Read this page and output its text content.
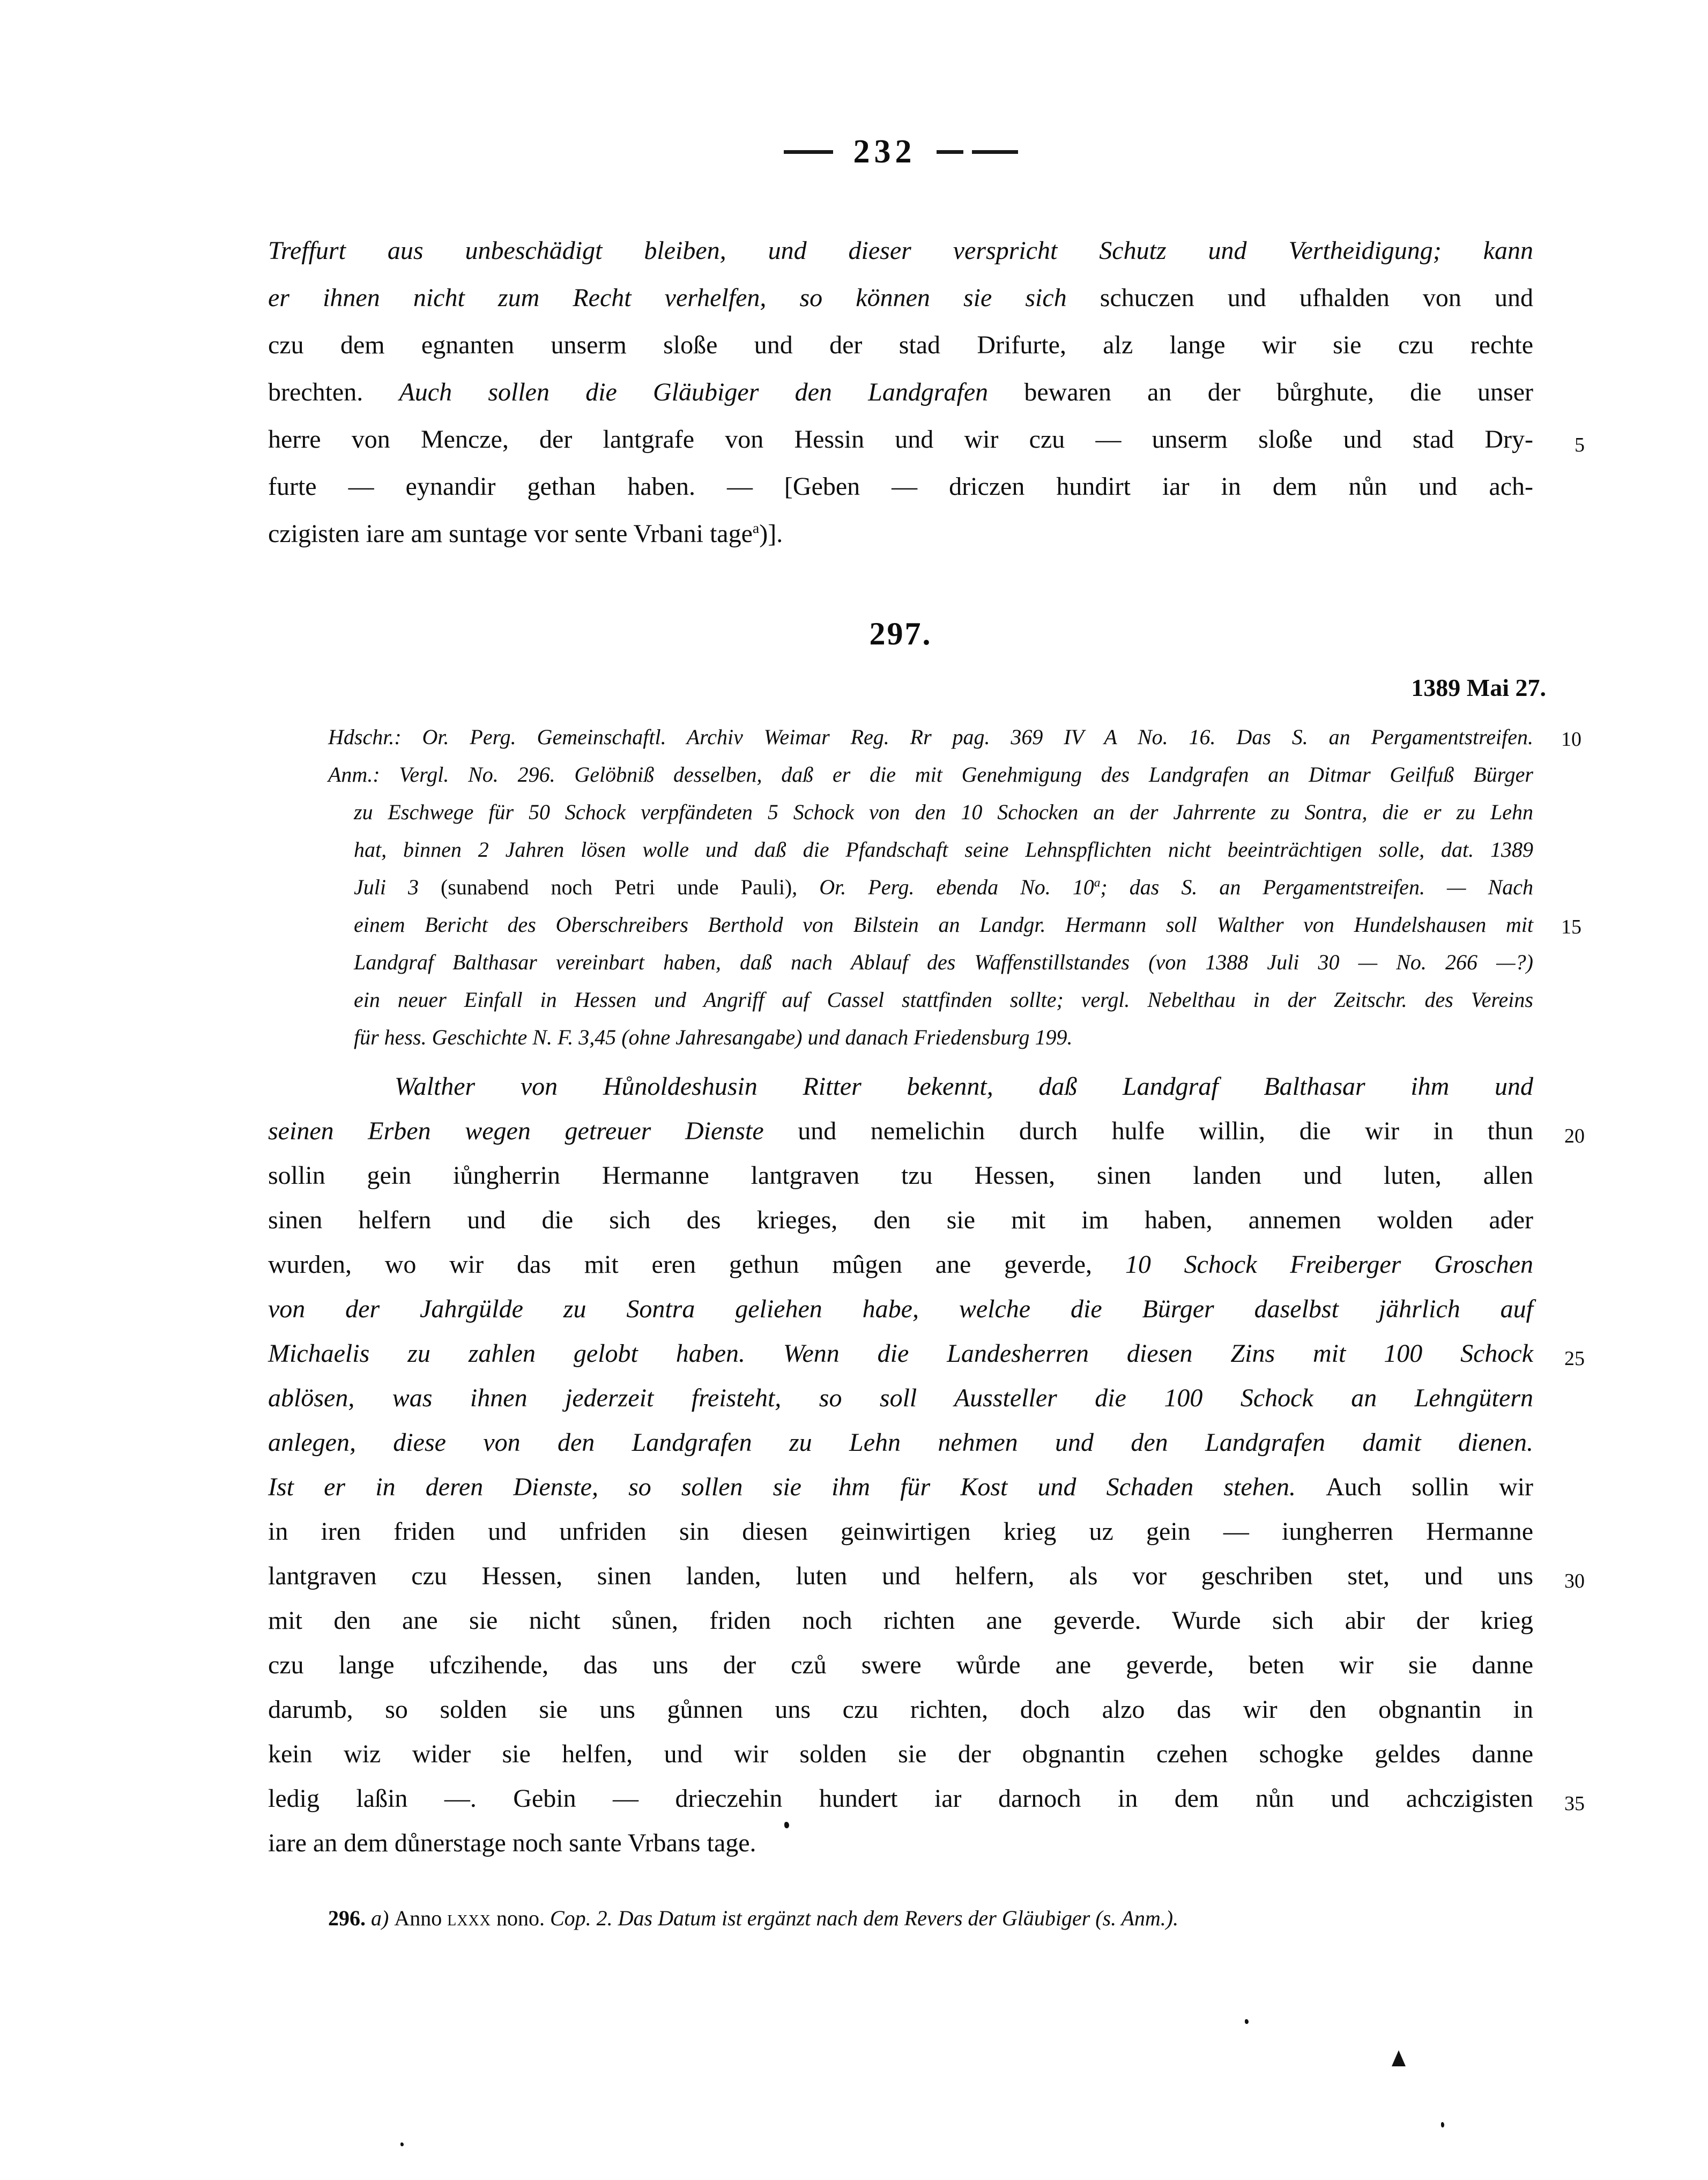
232
Treffurt aus unbeschädigt bleiben, und dieser verspricht Schutz und Vertheidigung; kann
er ihnen nicht zum Recht verhelfen, so können sie sich schuczen und ufhalden von und
czu dem egnanten unserm sloße und der stad Drifurte, alz lange wir sie czu rechte
brechten. Auch sollen die Gläubiger den Landgrafen bewaren an der bůrghute, die unser
herre von Mencze, der lantgrafe von Hessin und wir czu — unserm sloße und stad Dry- 5
furte — eynandir gethan haben. — [Geben — driczen hundirt iar in dem nůn und ach-
czigisten iare am suntage vor sente Vrbani tage$^a$)].
297.
1389 Mai 27.
Hdschr.: Or. Perg. Gemeinschaftl. Archiv Weimar Reg. Rr pag. 369 IV A No. 16. Das S. an Pergamentstreifen. 10
Anm.: Vergl. No. 296. Gelöbniß desselben, daß er die mit Genehmigung des Landgrafen an Ditmar Geilfuß Bürger
zu Eschwege für 50 Schock verpfändeten 5 Schock von den 10 Schocken an der Jahrrente zu Sontra, die er zu Lehn
hat, binnen 2 Jahren lösen wolle und daß die Pfandschaft seine Lehnspflichten nicht beeinträchtigen solle, dat. 1389
Juli 3 (sunabend noch Petri unde Pauli), Or. Perg. ebenda No. 10$^a$; das S. an Pergamentstreifen. — Nach
einem Bericht des Oberschreibers Berthold von Bilstein an Landgr. Hermann soll Walther von Hundelshausen mit 15
Landgraf Balthasar vereinbart haben, daß nach Ablauf des Waffenstillstandes (von 1388 Juli 30 — No. 266 —?)
ein neuer Einfall in Hessen und Angriff auf Cassel stattfinden sollte; vergl. Nebelthau in der Zeitschr. des Vereins
für hess. Geschichte N. F. 3,45 (ohne Jahresangabe) und danach Friedensburg 199.
Walther von Hůnoldeshusin Ritter bekennt, daß Landgraf Balthasar ihm und
seinen Erben wegen getreuer Dienste und nemelichin durch hulfe willin, die wir in thun 20
sollin gein iůngherrin Hermanne lantgraven tzu Hessen, sinen landen und luten, allen
sinen helfern und die sich des krieges, den sie mit im haben, annemen wolden ader
wurden, wo wir das mit eren gethun mûgen ane geverde, 10 Schock Freiberger Groschen
von der Jahrgülde zu Sontra geliehen habe, welche die Bürger daselbst jährlich auf
Michaelis zu zahlen gelobt haben. Wenn die Landesherren diesen Zins mit 100 Schock 25
ablösen, was ihnen jederzeit freisteht, so soll Aussteller die 100 Schock an Lehngütern
anlegen, diese von den Landgrafen zu Lehn nehmen und den Landgrafen damit dienen.
Ist er in deren Dienste, so sollen sie ihm für Kost und Schaden stehen. Auch sollin wir
in iren friden und unfriden sin diesen geinwirtigen krieg uz gein — iungherren Hermanne
lantgraven czu Hessen, sinen landen, luten und helfern, als vor geschriben stet, und uns 30
mit den ane sie nicht sůnen, friden noch richten ane geverde. Wurde sich abir der krieg
czu lange ufczihende, das uns der czů swere wůrde ane geverde, beten wir sie danne
darumb, so solden sie uns gůnnen uns czu richten, doch alzo das wir den obgnantin in
kein wiz wider sie helfen, und wir solden sie der obgnantin czehen schogke geldes danne
ledig laßin —. Gebin — drieczehin hundert iar darnoch in dem nůn und achczigisten 35
iare an dem důnerstage noch sante Vrbans tage.
296. a) Anno lxxx nono. Cop. 2. Das Datum ist ergänzt nach dem Revers der Gläubiger (s. Anm.).
